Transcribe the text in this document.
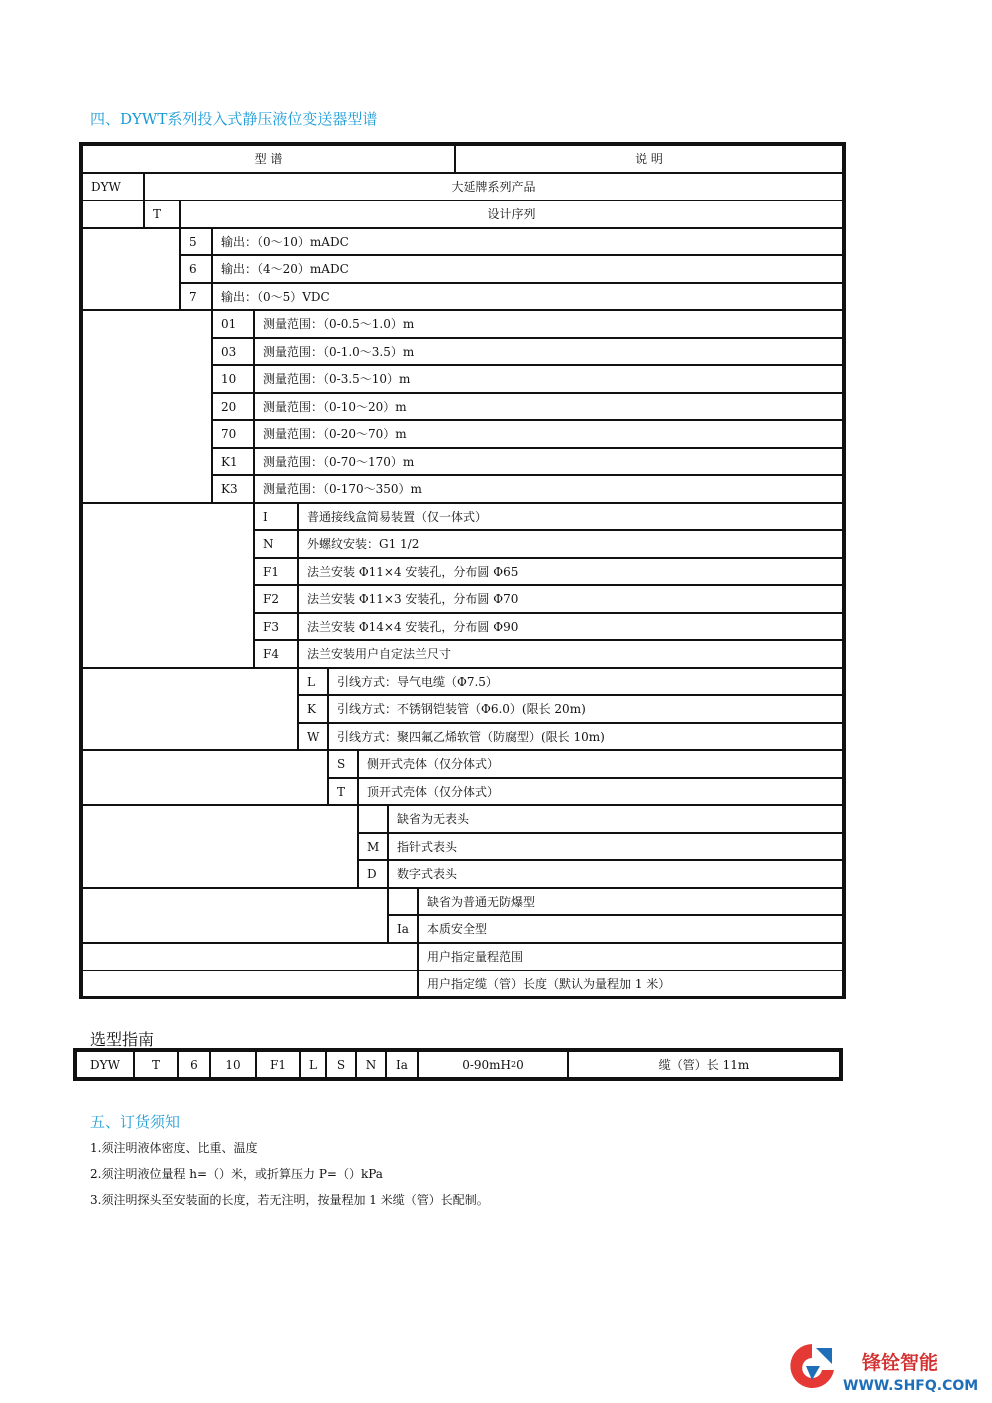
四、DYWT系列投入式静压液位变送器型谱
型 谱	说 明
DYW	大延牌系列产品
T	设计序列
5	输出：（0～10）mADC
6	输出：（4～20）mADC
7	输出：（0～5）VDC
01	测量范围：（0-0.5～1.0）m
03	测量范围：（0-1.0～3.5）m
10	测量范围：（0-3.5～10）m
20	测量范围：（0-10～20）m
70	测量范围：（0-20～70）m
K1	测量范围：（0-70～170）m
K3	测量范围：（0-170～350）m
I	普通接线盒简易装置（仅一体式）
N	外螺纹安装：G1 1/2
F1	法兰安装 Φ11×4 安装孔，分布圆 Φ65
F2	法兰安装 Φ11×3 安装孔，分布圆 Φ70
F3	法兰安装 Φ14×4 安装孔，分布圆 Φ90
F4	法兰安装用户自定法兰尺寸
L	引线方式：导气电缆（Φ7.5）
K	引线方式：不锈钢铠装管（Φ6.0）(限长 20m)
W	引线方式：聚四氟乙烯软管（防腐型）(限长 10m)
S	侧开式壳体（仅分体式）
T	顶开式壳体（仅分体式）
缺省为无表头
M	指针式表头
D	数字式表头
缺省为普通无防爆型
Ia	本质安全型
用户指定量程范围
用户指定缆（管）长度（默认为量程加 1 米）
选型指南
DYW	T	6	10	F1	L	S	N	Ia	0-90mH 2 0	缆（管）长 11m
五、订货须知
1.须注明液体密度、比重、温度
2.须注明液位量程 h=（）米，或折算压力 P=（）kPa
3.须注明探头至安装面的长度，若无注明，按量程加 1 米缆（管）长配制。
锋铨智能
WWW.SHFQ.COM
